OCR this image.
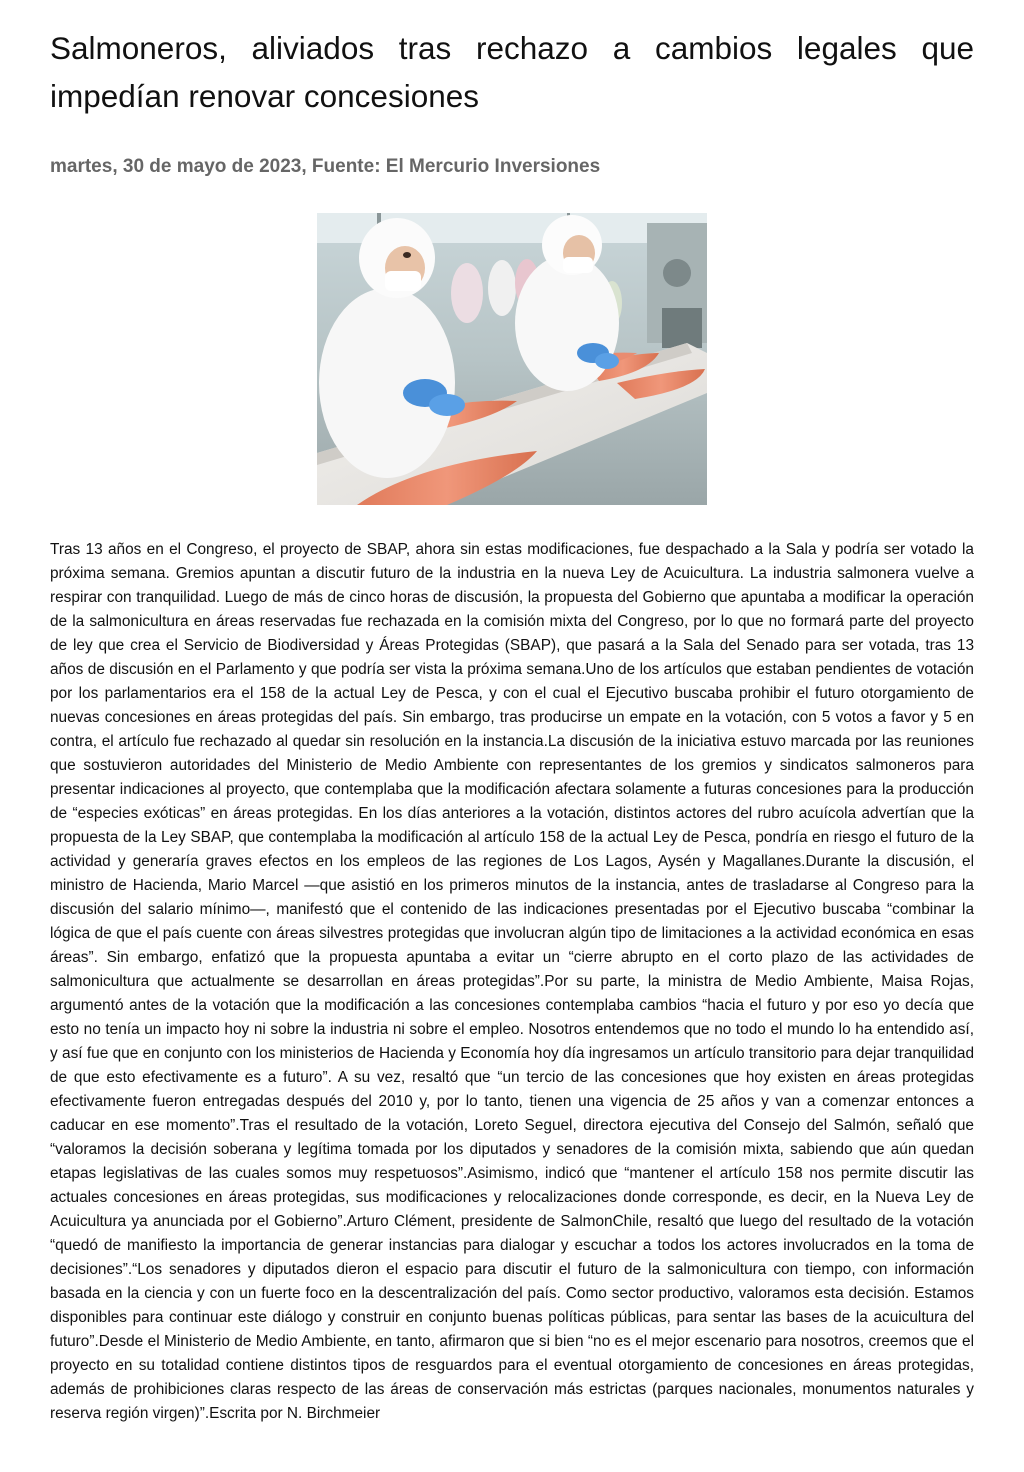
Salmoneros, aliviados tras rechazo a cambios legales que impedían renovar concesiones
martes, 30 de mayo de 2023, Fuente: El Mercurio Inversiones

Tras 13 años en el Congreso, el proyecto de SBAP, ahora sin estas modificaciones, fue despachado a la Sala y podría ser votado la próxima semana. Gremios apuntan a discutir futuro de la industria en la nueva Ley de Acuicultura. La industria salmonera vuelve a respirar con tranquilidad. Luego de más de cinco horas de discusión, la propuesta del Gobierno que apuntaba a modificar la operación de la salmonicultura en áreas reservadas fue rechazada en la comisión mixta del Congreso, por lo que no formará parte del proyecto de ley que crea el Servicio de Biodiversidad y Áreas Protegidas (SBAP), que pasará a la Sala del Senado para ser votada, tras 13 años de discusión en el Parlamento y que podría ser vista la próxima semana.Uno de los artículos que estaban pendientes de votación por los parlamentarios era el 158 de la actual Ley de Pesca, y con el cual el Ejecutivo buscaba prohibir el futuro otorgamiento de nuevas concesiones en áreas protegidas del país. Sin embargo, tras producirse un empate en la votación, con 5 votos a favor y 5 en contra, el artículo fue rechazado al quedar sin resolución en la instancia.La discusión de la iniciativa estuvo marcada por las reuniones que sostuvieron autoridades del Ministerio de Medio Ambiente con representantes de los gremios y sindicatos salmoneros para presentar indicaciones al proyecto, que contemplaba que la modificación afectara solamente a futuras concesiones para la producción de “especies exóticas” en áreas protegidas. En los días anteriores a la votación, distintos actores del rubro acuícola advertían que la propuesta de la Ley SBAP, que contemplaba la modificación al artículo 158 de la actual Ley de Pesca, pondría en riesgo el futuro de la actividad y generaría graves efectos en los empleos de las regiones de Los Lagos, Aysén y Magallanes.Durante la discusión, el ministro de Hacienda, Mario Marcel —que asistió en los primeros minutos de la instancia, antes de trasladarse al Congreso para la discusión del salario mínimo—, manifestó que el contenido de las indicaciones presentadas por el Ejecutivo buscaba “combinar la lógica de que el país cuente con áreas silvestres protegidas que involucran algún tipo de limitaciones a la actividad económica en esas áreas”. Sin embargo, enfatizó que la propuesta apuntaba a evitar un “cierre abrupto en el corto plazo de las actividades de salmonicultura que actualmente se desarrollan en áreas protegidas”.Por su parte, la ministra de Medio Ambiente, Maisa Rojas, argumentó antes de la votación que la modificación a las concesiones contemplaba cambios “hacia el futuro y por eso yo decía que esto no tenía un impacto hoy ni sobre la industria ni sobre el empleo. Nosotros entendemos que no todo el mundo lo ha entendido así, y así fue que en conjunto con los ministerios de Hacienda y Economía hoy día ingresamos un artículo transitorio para dejar tranquilidad de que esto efectivamente es a futuro”. A su vez, resaltó que “un tercio de las concesiones que hoy existen en áreas protegidas efectivamente fueron entregadas después del 2010 y, por lo tanto, tienen una vigencia de 25 años y van a comenzar entonces a caducar en ese momento”.Tras el resultado de la votación, Loreto Seguel, directora ejecutiva del Consejo del Salmón, señaló que “valoramos la decisión soberana y legítima tomada por los diputados y senadores de la comisión mixta, sabiendo que aún quedan etapas legislativas de las cuales somos muy respetuosos”.Asimismo, indicó que “mantener el artículo 158 nos permite discutir las actuales concesiones en áreas protegidas, sus modificaciones y relocalizaciones donde corresponde, es decir, en la Nueva Ley de Acuicultura ya anunciada por el Gobierno”.Arturo Clément, presidente de SalmonChile, resaltó que luego del resultado de la votación “quedó de manifiesto la importancia de generar instancias para dialogar y escuchar a todos los actores involucrados en la toma de decisiones”.“Los senadores y diputados dieron el espacio para discutir el futuro de la salmonicultura con tiempo, con información basada en la ciencia y con un fuerte foco en la descentralización del país. Como sector productivo, valoramos esta decisión. Estamos disponibles para continuar este diálogo y construir en conjunto buenas políticas públicas, para sentar las bases de la acuicultura del futuro”.Desde el Ministerio de Medio Ambiente, en tanto, afirmaron que si bien “no es el mejor escenario para nosotros, creemos que el proyecto en su totalidad contiene distintos tipos de resguardos para el eventual otorgamiento de concesiones en áreas protegidas, además de prohibiciones claras respecto de las áreas de conservación más estrictas (parques nacionales, monumentos naturales y reserva región virgen)”.Escrita por N. Birchmeier
